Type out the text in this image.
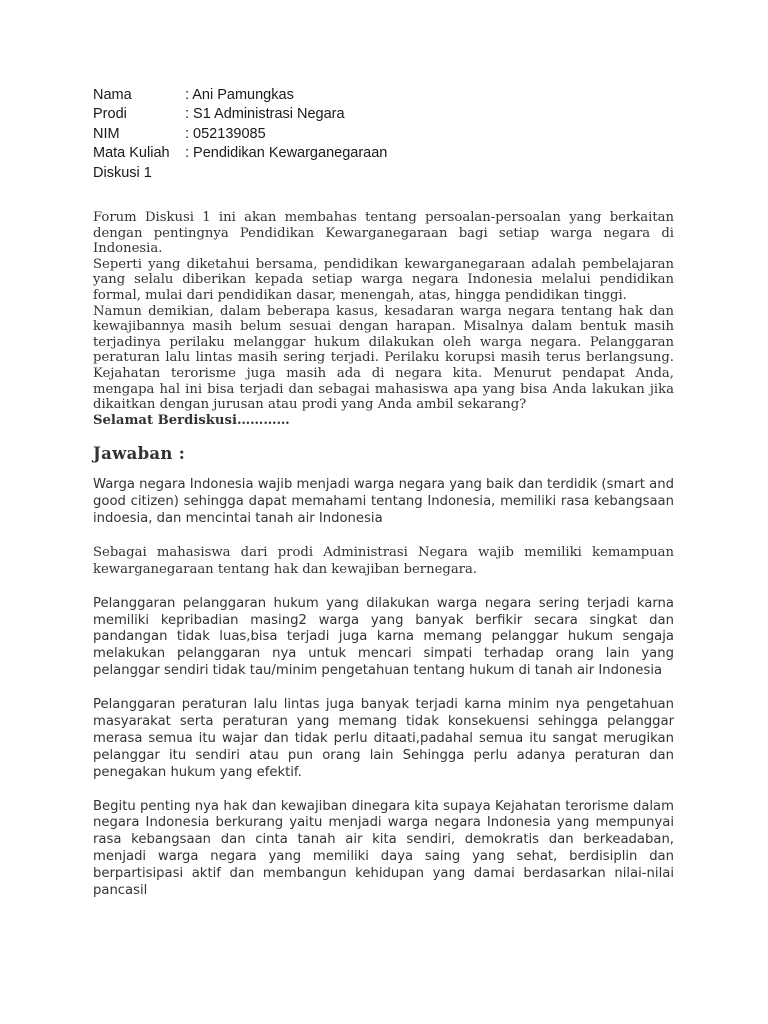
Nama	: Ani Pamungkas
Prodi	: S1 Administrasi Negara
NIM	: 052139085
Mata Kuliah	: Pendidikan Kewarganegaraan
Diskusi 1

Forum Diskusi 1 ini akan membahas tentang persoalan-persoalan yang berkaitan dengan pentingnya Pendidikan Kewarganegaraan bagi setiap warga negara di Indonesia.

Seperti yang diketahui bersama, pendidikan kewarganegaraan adalah pembelajaran yang selalu diberikan kepada setiap warga negara Indonesia melalui pendidikan formal, mulai dari pendidikan dasar, menengah, atas, hingga pendidikan tinggi.

Namun demikian, dalam beberapa kasus, kesadaran warga negara tentang hak dan kewajibannya masih belum sesuai dengan harapan. Misalnya dalam bentuk masih terjadinya perilaku melanggar hukum dilakukan oleh warga negara. Pelanggaran peraturan lalu lintas masih sering terjadi. Perilaku korupsi masih terus berlangsung. Kejahatan terorisme juga masih ada di negara kita. Menurut pendapat Anda, mengapa hal ini bisa terjadi dan sebagai mahasiswa apa yang bisa Anda lakukan jika dikaitkan dengan jurusan atau prodi yang Anda ambil sekarang?

Selamat Berdiskusi…………

Jawaban :

Warga negara Indonesia wajib menjadi warga negara yang baik dan terdidik (smart and good citizen) sehingga dapat memahami tentang Indonesia, memiliki rasa kebangsaan indoesia, dan mencintai tanah air Indonesia

Sebagai mahasiswa dari prodi Administrasi Negara wajib memiliki kemampuan kewarganegaraan tentang hak dan kewajiban bernegara.

Pelanggaran pelanggaran hukum yang dilakukan warga negara sering terjadi karna memiliki kepribadian masing2 warga yang banyak berfikir secara singkat dan pandangan tidak luas,bisa terjadi juga karna memang pelanggar hukum sengaja melakukan pelanggaran nya untuk mencari simpati terhadap orang lain yang pelanggar sendiri tidak tau/minim pengetahuan tentang hukum di tanah air Indonesia

Pelanggaran peraturan lalu lintas juga banyak terjadi karna minim nya pengetahuan masyarakat serta peraturan yang memang tidak konsekuensi sehingga pelanggar merasa semua itu wajar dan tidak perlu ditaati,padahal semua itu sangat merugikan pelanggar itu sendiri atau pun orang lain Sehingga perlu adanya peraturan dan penegakan hukum yang efektif.

Begitu penting nya hak dan kewajiban dinegara kita supaya Kejahatan terorisme dalam negara Indonesia berkurang yaitu menjadi warga negara Indonesia yang mempunyai rasa kebangsaan dan cinta tanah air kita sendiri, demokratis dan berkeadaban, menjadi warga negara yang memiliki daya saing yang sehat, berdisiplin dan berpartisipasi aktif dan membangun kehidupan yang damai berdasarkan nilai-nilai pancasil
